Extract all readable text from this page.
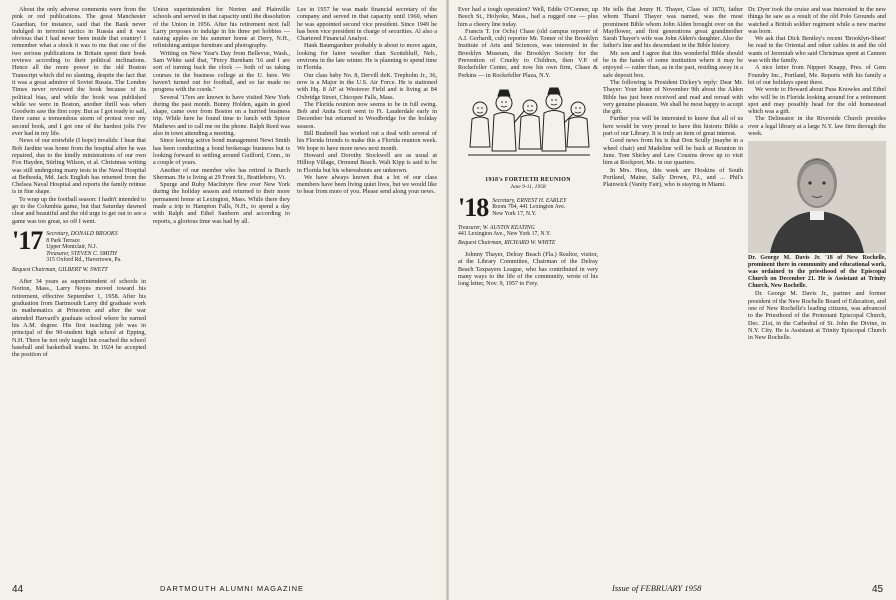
About the only adverse comments were from the pink or red publications. The great Manchester Guardian, for instance, said that the Bank never indulged in terrorist tactics in Russia and it was obvious that I had never been inside that country! I remember what a shock it was to me that one of the two serious publications in Britain spent their book reviews according to their political inclinations. Hence all the more power to the old Boston Transcript which did no slanting, despite the fact that it was a great admirer of Soviet Russia. The London Times never reviewed the book because of its political bias, and while the book was published while we were in Boston, another thrill was when Goodwin saw the first copy. But as I got ready to sail, there came a tremendous storm of protest over my second book, and I got one of the hardest jolts I've ever had in my life.

News of our erstwhile (I hope) invalids: I hear that Bob Jardine was home from the hospital after he was repaired, due to the kindly ministrations of our own Fox Hayden, Stirling Wilson, et al. Christmas writing was still undergoing many tests in the Naval Hospital at Bethesda, Md. Jack English has returned from the Chelsea Naval Hospital and reports the family retinue is in fine shape.

To wrap up the football season: I hadn't intended to go to the Columbia game, but that Saturday dawned clear and beautiful and the old urge to get out to see a game was too great, so off I went.

'17 Secretary, DONALD BROOKS
8 Park Terrace
Upper Montclair, N.J.
Treasurer, STEVEN C. SMITH
315 Oxford Rd., Havertown, Pa.
Bequest Chairman, GILBERT W. SWETT

After 34 years as superintendent of schools in Norton, Mass., Larry Noyes moved toward his retirement, effective September 1, 1958. After his graduation from Dartmouth Larry did graduate work in mathematics at Princeton and after the war attended Harvard's graduate school where he earned his A.M. degree. His first teaching job was in principal of the 90-student high school at Epping, N.H. There he not only taught but coached the school baseball and basketball teams. In 1924 he accepted the position of

Union superintendent for Norton and Plainville schools and served in that capacity until the dissolution of the Union in 1956. After his retirement next fall Larry proposes to indulge in his three pet hobbies — raising apples on his summer home at Derry, N.H., refinishing antique furniture and photography.

Writing on New Year's Day from Bellevue, Wash., Sam White said that, "Percy Burnham '16 and I are sort of turning back the clock — both of us taking courses in the business college at the U. here. We haven't turned out for football, and so far made no progress with the coeds."

Several '17ers are known to have visited New York during the past month. Bunny Holden, again in good shape, came over from Boston on a hurried business trip. While here he found time to lunch with Spicer Mathews and to call me on the phone. Ralph Reed was also in town attending a meeting.

Since leaving active bond management Newt Smith has been conducting a bond brokerage business but is looking forward to settling around Guilford, Conn., in a couple of years.

Another of our member who has retired is Burch Sherman. He is living at 29 Front St., Brattleboro, Vt.

Spurge and Ruby MacIntyre flew over New York during the holiday season and returned to their more permanent home at Lexington, Mass. While there they made a trip to Hampton Falls, N.H., to spend a day with Ralph and Ethel Sanborn and according to reports, a glorious time was had by all.

Lee in 1957 he was made financial secretary of the company and served in that capacity until 1960, when he was appointed second vice president. Since 1949 he has been vice president in charge of securities. Al also a Chartered Financial Analyst.

Hank Baumgardner probably is about to move again, looking for fairer weather than Scottsbluff, Neb., environs in the late winter. He is planning to spend time in Florida.

Our class baby No. 8, Dervill deK. Trepholm Jr., 36, now is a Major in the U.S. Air Force. He is stationed with Hq. 8 AF at Westover Field and is living at 84 Oxbridge Street, Chicopee Falls, Mass.

The Florida reunion now seems to be in full swing. Bob and Anita Scott went to Ft. Lauderdale early in December but returned to Woodbridge for the holiday season.

Bill Bushnell has worked out a deal with several of his Florida friends to make this a Florida reunion week. We hope to have more news next month.

Howard and Dorothy Stockwell are as usual at Hilltop Village, Ormond Beach. Walt Kipp is said to be in Florida but his whereabouts are unknown.

We have always known that a lot of our class members have been living quiet lives, but we would like to hear from more of you. Please send along your news.

44	DARTMOUTH ALUMNI MAGAZINE

Ever had a tough operation? Well, Eddie O'Connor, up Beech St., Holyoke, Mass., had a rugged one — plus him a cheery line today.

Francis T. (or Ochs) Chase (old campus reporter of A.I. Gerhardt, cub) reporter Mr. Tomer of the Brooklyn Institute of Arts and Sciences, was interested in the Brooklyn Museum, the Brooklyn Society for the Prevention of Cruelty to Children, then V.P. of Rockefeller Center, and now his own firm, Chase & Perkins — in Rockefeller Plaza, N.Y.

1918's FORTIETH REUNION
June 9-11, 1958
'18 Secretary, ERNEST H. EARLEY
Room 704, 441 Lexington Ave.
New York 17, N.Y.
Treasurer, W. AUSTIN KEATING
441 Lexington Ave., New York 17, N.Y.
Bequest Chairman, RICHARD W. WHITE

Johnny Thayer, Delray Beach (Fla.) Realtor, visitor, at the Library Committee, Chairman of the Delray Beach Taxpayers League, who has contributed in very many ways to the life of the community, wrote of his long letter, Nov. 9, 1957 to Frey.

He tells that Jenny H. Thayer, Class of 1870, father whom Tharel Thayer was named, was the most prominent Bible whom John Alden brought over on the Mayflower, and first generations great grandmother Sarah Thayer's wife was John Alden's daughter. Also the father's line and his descendant in the Bible history.

Mr. son and I agree that this wonderful Bible should be in the hands of some institution where it may be enjoyed — rather than, as in the past, residing away in a safe deposit box.

The following is President Dickey's reply: Dear Mr. Thayer: Your letter of November 9th about the Alden Bible has just been received and read and reread with very genuine pleasure. We shall be most happy to accept the gift.

Further you will be interested to know that all of us here would be very proud to have this historic Bible a part of our Library. It is truly an item of great interest.

Good news from his is that Don Scully (maybe in a wheel chair) and Madeline will be back at Reunion in June. Tom Shirley and Lew Cousins drove up to visit him at Rockport, Me. in our quarters.

In Mrs. Hess, this week are Hoskins of South Portland, Maine, Sally Drown, P.I., and ... Phil's Plainwick (Vanity Fair), who is staying in Miami.

Dr. Dyer took the cruise and was interested in the new things he saw as a result of the old Polo Grounds and watched a British soldier regiment while a new marine was born.

We ask that Dick Bentley's recent 'Brooklyn-Sheet' be read in the Oriental and other cables in and the old wants of Jeremiah who said Christmas spent at Cannon was with the family.

A nice letter from Nippert Knapp, Pres. of Gem Foundry Inc., Portland, Me. Reports with his family a bit of our holidays spent there.

We wrote to Howard about Puss Knowles and Ethel who will be in Florida looking around for a retirement spot and may possibly head for the old homestead which was a gift.

The Delineator in the Riverside Church presides over a legal library at a large N.Y. law firm through the week.

Dr. George M. Davis Jr. '18 of New Rochelle, prominent there in community and educational work, was ordained to the priesthood of the Episcopal Church on December 21. He is Assistant at Trinity Church, New Rochelle.

Dr. George M. Davis Jr., partner and former president of the New Rochelle Board of Education, and one of New Rochelle's leading citizens, was advanced to the Priesthood of the Protestant Episcopal Church, Dec. 21st, in the Cathedral of St. John the Divine, in N.Y. City. He is Assistant at Trinity Episcopal Church in New Rochelle.

Issue of FEBRUARY 1958	45
